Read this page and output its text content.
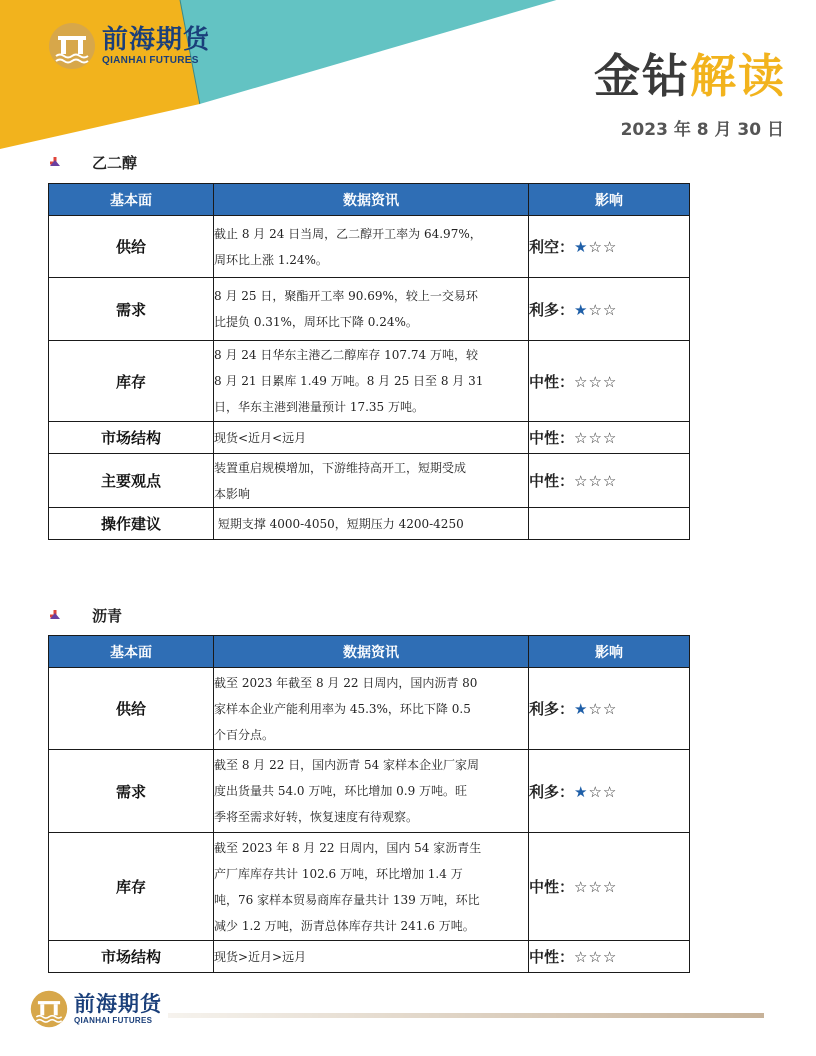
前海期货
QIANHAI FUTURES	金钻解读
2023 年 8 月 30 日
乙二醇
基本面	数据资讯	影响
供给	截止 8 月 24 日当周，乙二醇开工率为 64.97%，
周环比上涨 1.24%。	利空：★☆☆
需求	8 月 25 日，聚酯开工率 90.69%，较上一交易环
比提负 0.31%，周环比下降 0.24%。	利多：★☆☆
库存	8 月 24 日华东主港乙二醇库存 107.74 万吨，较
8 月 21 日累库 1.49 万吨。8 月 25 日至 8 月 31
日，华东主港到港量预计 17.35 万吨。	中性：☆☆☆
市场结构	现货<近月<远月	中性：☆☆☆
主要观点	装置重启规模增加，下游维持高开工，短期受成
本影响	中性：☆☆☆
操作建议	短期支撑 4000-4050，短期压力 4200-4250	

沥青
基本面	数据资讯	影响
供给	截至 2023 年截至 8 月 22 日周内，国内沥青 80
家样本企业产能利用率为 45.3%，环比下降 0.5
个百分点。	利多：★☆☆
需求	截至 8 月 22 日，国内沥青 54 家样本企业厂家周
度出货量共 54.0 万吨，环比增加 0.9 万吨。旺
季将至需求好转，恢复速度有待观察。	利多：★☆☆
库存	截至 2023 年 8 月 22 日周内，国内 54 家沥青生
产厂库库存共计 102.6 万吨，环比增加 1.4 万
吨，76 家样本贸易商库存量共计 139 万吨，环比
减少 1.2 万吨，沥青总体库存共计 241.6 万吨。	中性：☆☆☆
市场结构	现货>近月>远月	中性：☆☆☆
前海期货
QIANHAI FUTURES
